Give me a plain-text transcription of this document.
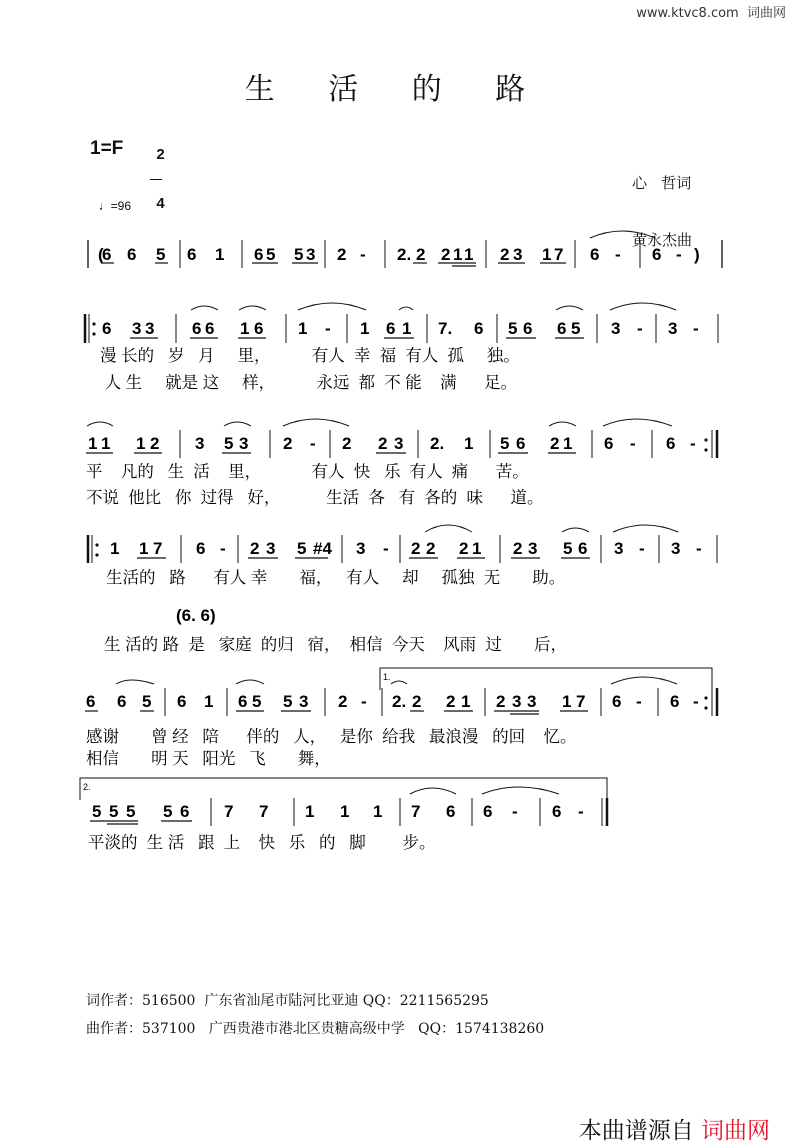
www.ktvc8.com  词曲网
生 活 的 路
1=F	2

4

心   哲词

黄永杰曲

♩=96

(
6 6 5 6 1 6 5 5 3 2 - 2. 2 2 1 1 2 3 1 7 6 - 6 - )
6 3 3 6 6 1 6 1 - 1 6 1 7. 6 5 6 6 5 3 - 3 -
1 1 1 2 3 5 3 2 - 2 2 3 2. 1 5 6 2 1 6 - 6 -
1 1 7 6 - 2 3 5 #4 3 - 2 2 2 1 2 3 5 6 3 - 3 -
6 6 5 6 1 6 5 5 3 2 - 2. 2 2 1 2 3 3 1 7 6 - 6 -
5 5 5 5 6 7 7 1 1 1 7 6 6 - 6 -
漫 长的   岁   月     里，         有人  幸  福  有人  孤     独。
人 生     就是 这     样，         永远  都  不 能    满      足。
平    凡的   生  活    里，           有人  快   乐  有人  痛      苦。
不说  他比   你  过得   好，          生活  各   有  各的  味      道。
生活的   路      有人 幸       福，   有人     却     孤独  无       助。
生 活的 路  是   家庭  的归   宿，  相信  今天    风雨  过       后，
感谢       曾 经   陪      伴的   人，   是你  给我   最浪漫   的回    忆。
相信       明 天   阳光   飞       舞，
平淡的  生 活   跟  上    快   乐   的   脚        步。
(6. 6)
1.
2.
词作者：516500  广东省汕尾市陆河比亚迪 QQ：2211565295
曲作者：537100   广西贵港市港北区贵糖高级中学   QQ：1574138260

本曲谱源自 词曲网
